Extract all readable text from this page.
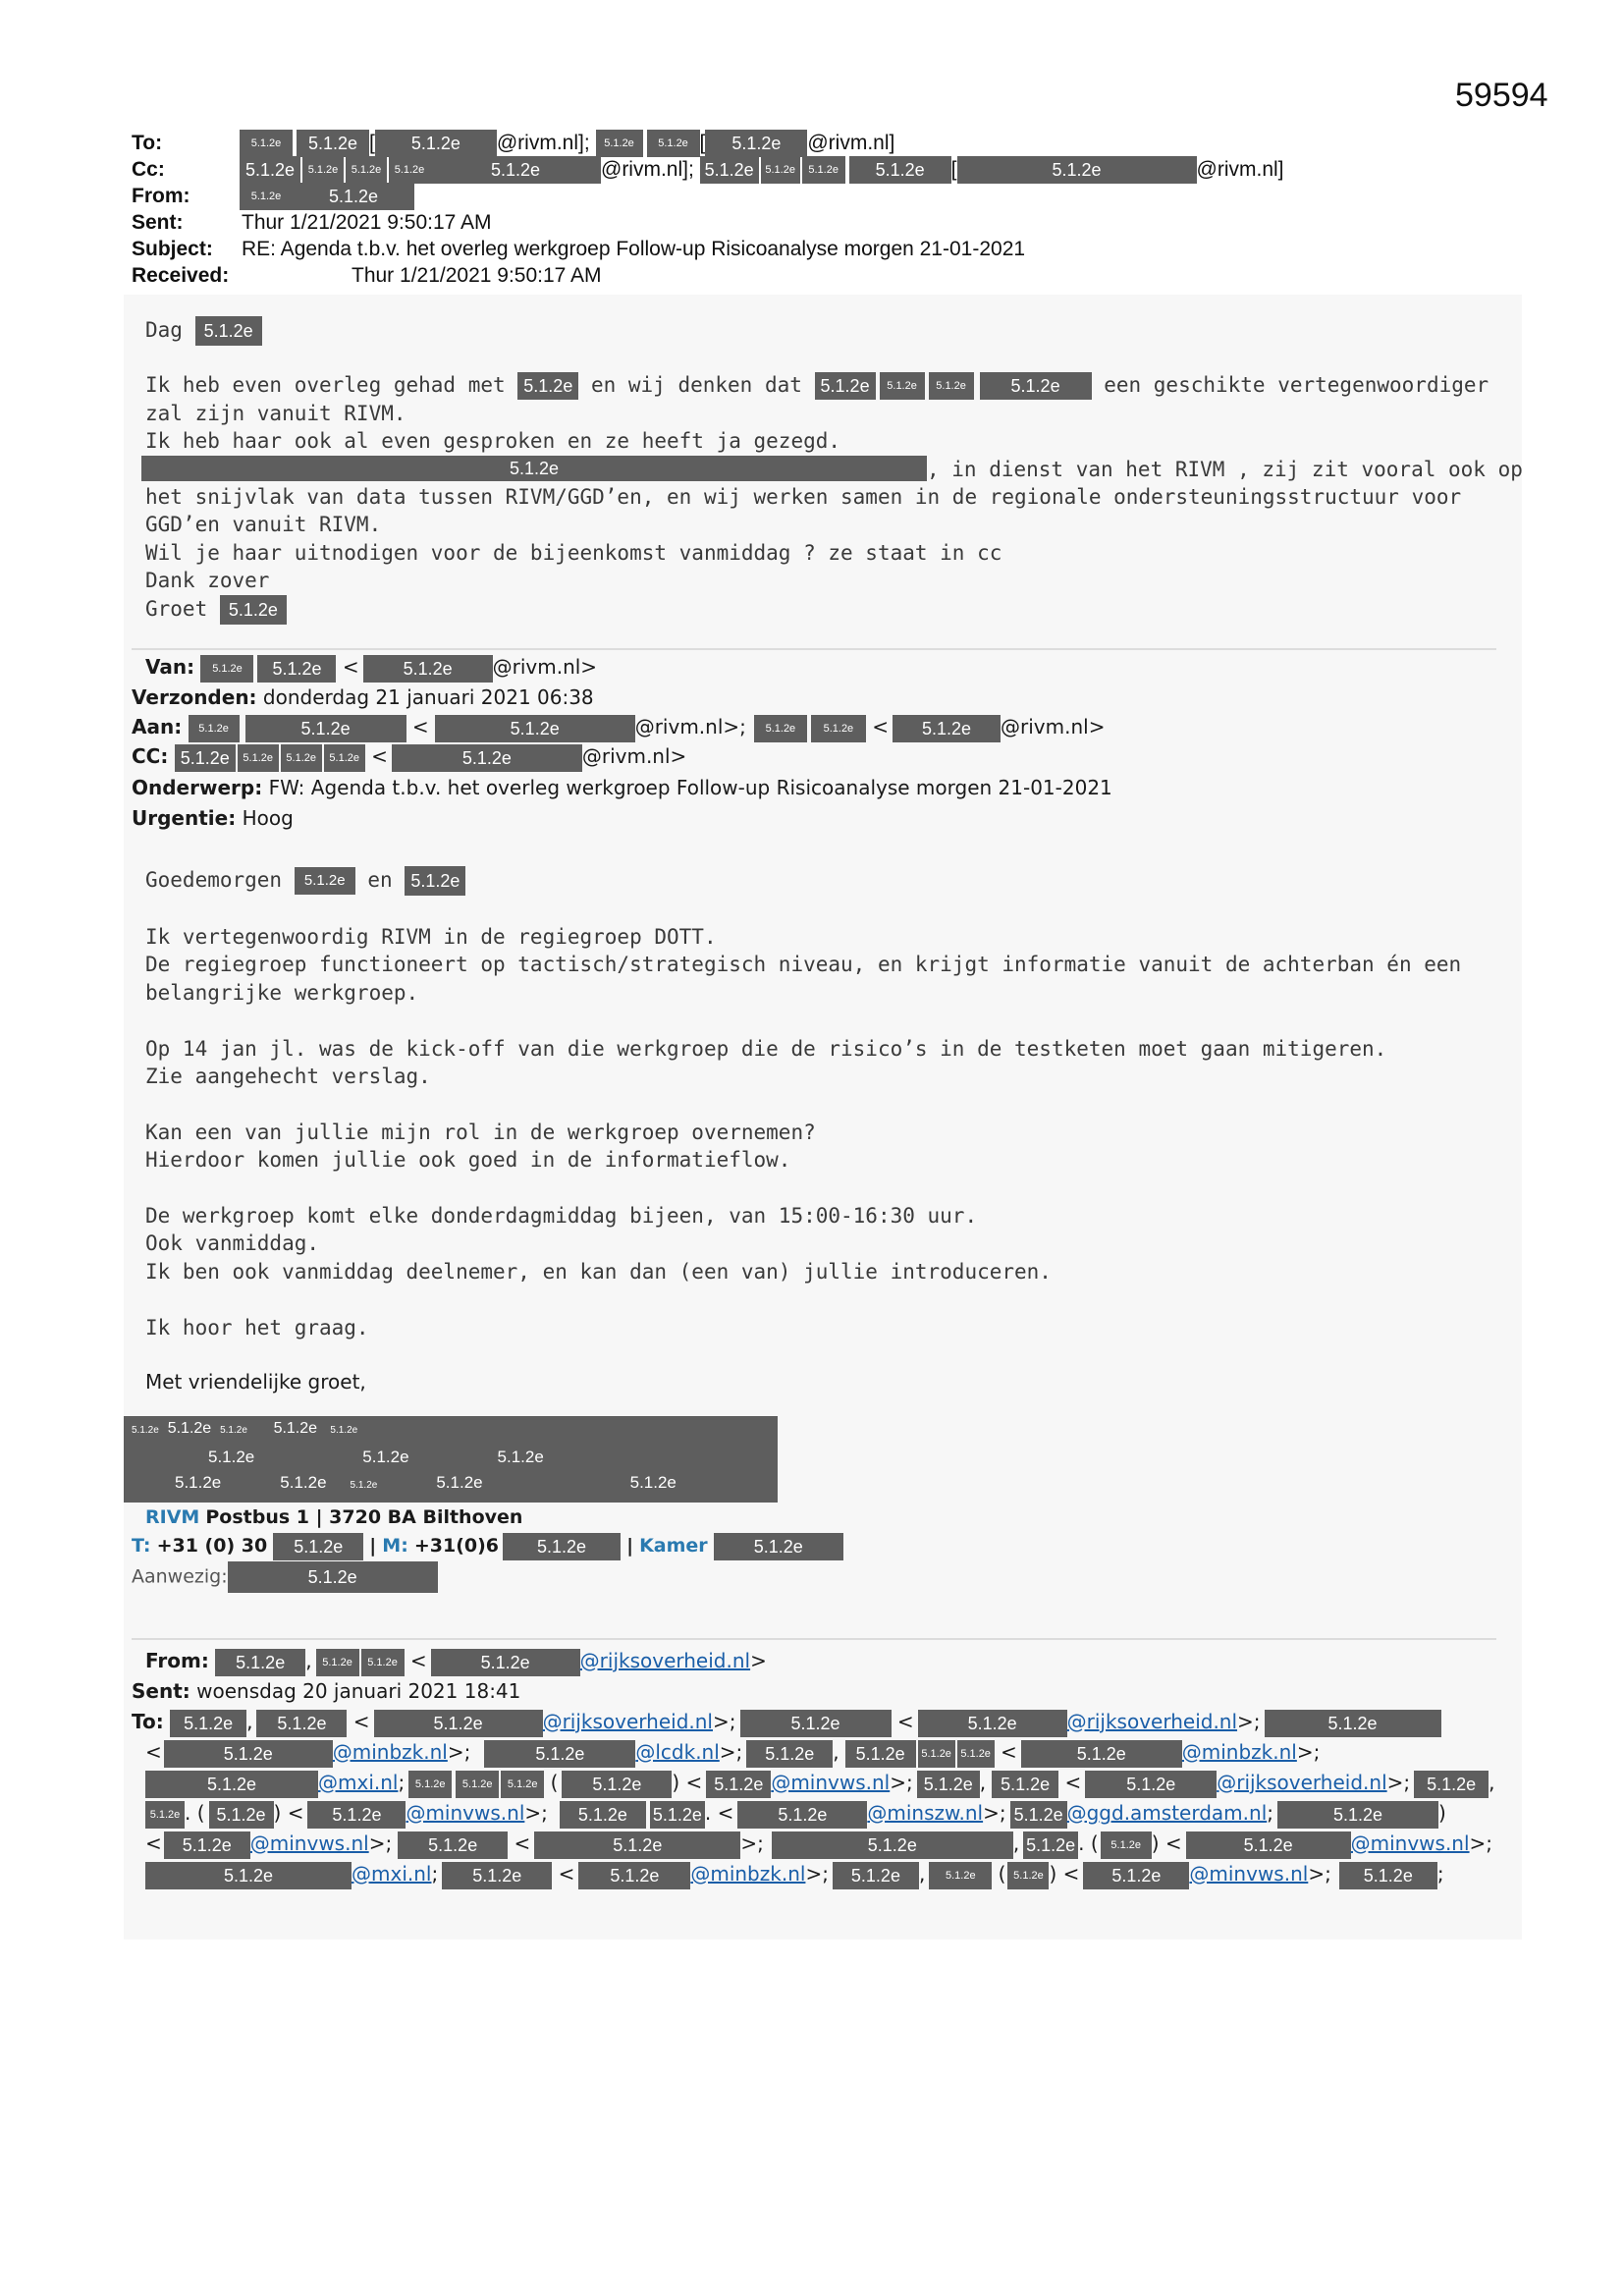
59594
To:	5.1.2e 5.1.2e [ 5.1.2e @rivm.nl]; 5.1.2e 5.1.2e [ 5.1.2e @rivm.nl]
Cc:	5.1.2e 5.1.2e 5.1.2e 5.1.2e	5.1.2e	@rivm.nl]; 5.1.2e 5.1.2e 5.1.2e 5.1.2e [	5.1.2e	@rivm.nl]
From:	5.1.2e	5.1.2e
Sent:	Thur 1/21/2021 9:50:17 AM
Subject: RE: Agenda t.b.v. het overleg werkgroep Follow-up Risicoanalyse morgen 21-01-2021
Received:	Thur 1/21/2021 9:50:17 AM
Dag 5.1.2e
Ik heb even overleg gehad met 5.1.2e en wij denken dat 5.1.2e 5.1.2e 5.1.2e	5.1.2e een geschikte vertegenwoordiger
zal zijn vanuit RIVM.
Ik heb haar ook al even gesproken en ze heeft ja gezegd.
5.1.2e	, in dienst van het RIVM , zij zit vooral ook op
het snijvlak van data tussen RIVM/GGD’en, en wij werken samen in de regionale ondersteuningsstructuur voor
GGD’en vanuit RIVM.
Wil je haar uitnodigen voor de bijeenkomst vanmiddag ? ze staat in cc
Dank zover
Groet 5.1.2e
Van: 5.1.2e 5.1.2e < 5.1.2e @rivm.nl>
Verzonden: donderdag 21 januari 2021 06:38
Aan: 5.1.2e	5.1.2e	<	5.1.2e	@rivm.nl>; 5.1.2e	5.1.2e < 5.1.2e @rivm.nl>
CC: 5.1.2e 5.1.2e 5.1.2e 5.1.2e <	5.1.2e	@rivm.nl>
Onderwerp: FW: Agenda t.b.v. het overleg werkgroep Follow-up Risicoanalyse morgen 21-01-2021
Urgentie: Hoog
Goedemorgen 5.1.2e en 5.1.2e
Ik vertegenwoordig RIVM in de regiegroep DOTT.
De regiegroep functioneert op tactisch/strategisch niveau, en krijgt informatie vanuit de achterban én een
belangrijke werkgroep.
Op 14 jan jl. was de kick-off van die werkgroep die de risico’s in de testketen moet gaan mitigeren.
Zie aangehecht verslag.
Kan een van jullie mijn rol in de werkgroep overnemen?
Hierdoor komen jullie ook goed in de informatieflow.
De werkgroep komt elke donderdagmiddag bijeen, van 15:00-16:30 uur.
Ook vanmiddag.
Ik ben ook vanmiddag deelnemer, en kan dan (een van) jullie introduceren.
Ik hoor het graag.
Met vriendelijke groet,
5.1.2e 5.1.2e 5.1.2e 5.1.2e 5.1.2e
5.1.2e	5.1.2e	5.1.2e
5.1.2e	5.1.2e 5.1.2e	5.1.2e	5.1.2e
RIVM Postbus 1 | 3720 BA Bilthoven
T: +31 (0) 30 5.1.2e | M: +31(0)6 5.1.2e | Kamer	5.1.2e
Aanwezig:	5.1.2e
From: 5.1.2e , 5.1.2e 5.1.2e <	5.1.2e	@rijksoverheid.nl>
Sent: woensdag 20 januari 2021 18:41
To: 5.1.2e , 5.1.2e <	5.1.2e	@rijksoverheid.nl>;	5.1.2e	<	5.1.2e	@rijksoverheid.nl>;	5.1.2e
<	5.1.2e	@minbzk.nl>;	5.1.2e	@lcdk.nl>; 5.1.2e , 5.1.2e 5.1.2e 5.1.2e <	5.1.2e	@minbzk.nl>;
5.1.2e	@mxi.nl; 5.1.2e 5.1.2e 5.1.2e ( 5.1.2e ) < 5.1.2e @minvws.nl>; 5.1.2e , 5.1.2e <	5.1.2e @rijksoverheid.nl>; 5.1.2e ,
5.1.2e . ( 5.1.2e ) < 5.1.2e @minvws.nl>; 5.1.2e 5.1.2e . < 5.1.2e @minszw.nl>; 5.1.2e @ggd.amsterdam.nl;	5.1.2e	)
< 5.1.2e @minvws.nl>; 5.1.2e <	5.1.2e	>;	5.1.2e	, 5.1.2e . ( 5.1.2e ) <	5.1.2e	@minvws.nl>;
5.1.2e	@mxi.nl; 5.1.2e < 5.1.2e @minbzk.nl>; 5.1.2e , 5.1.2e ( 5.1.2e ) < 5.1.2e @minvws.nl>; 5.1.2e ;
